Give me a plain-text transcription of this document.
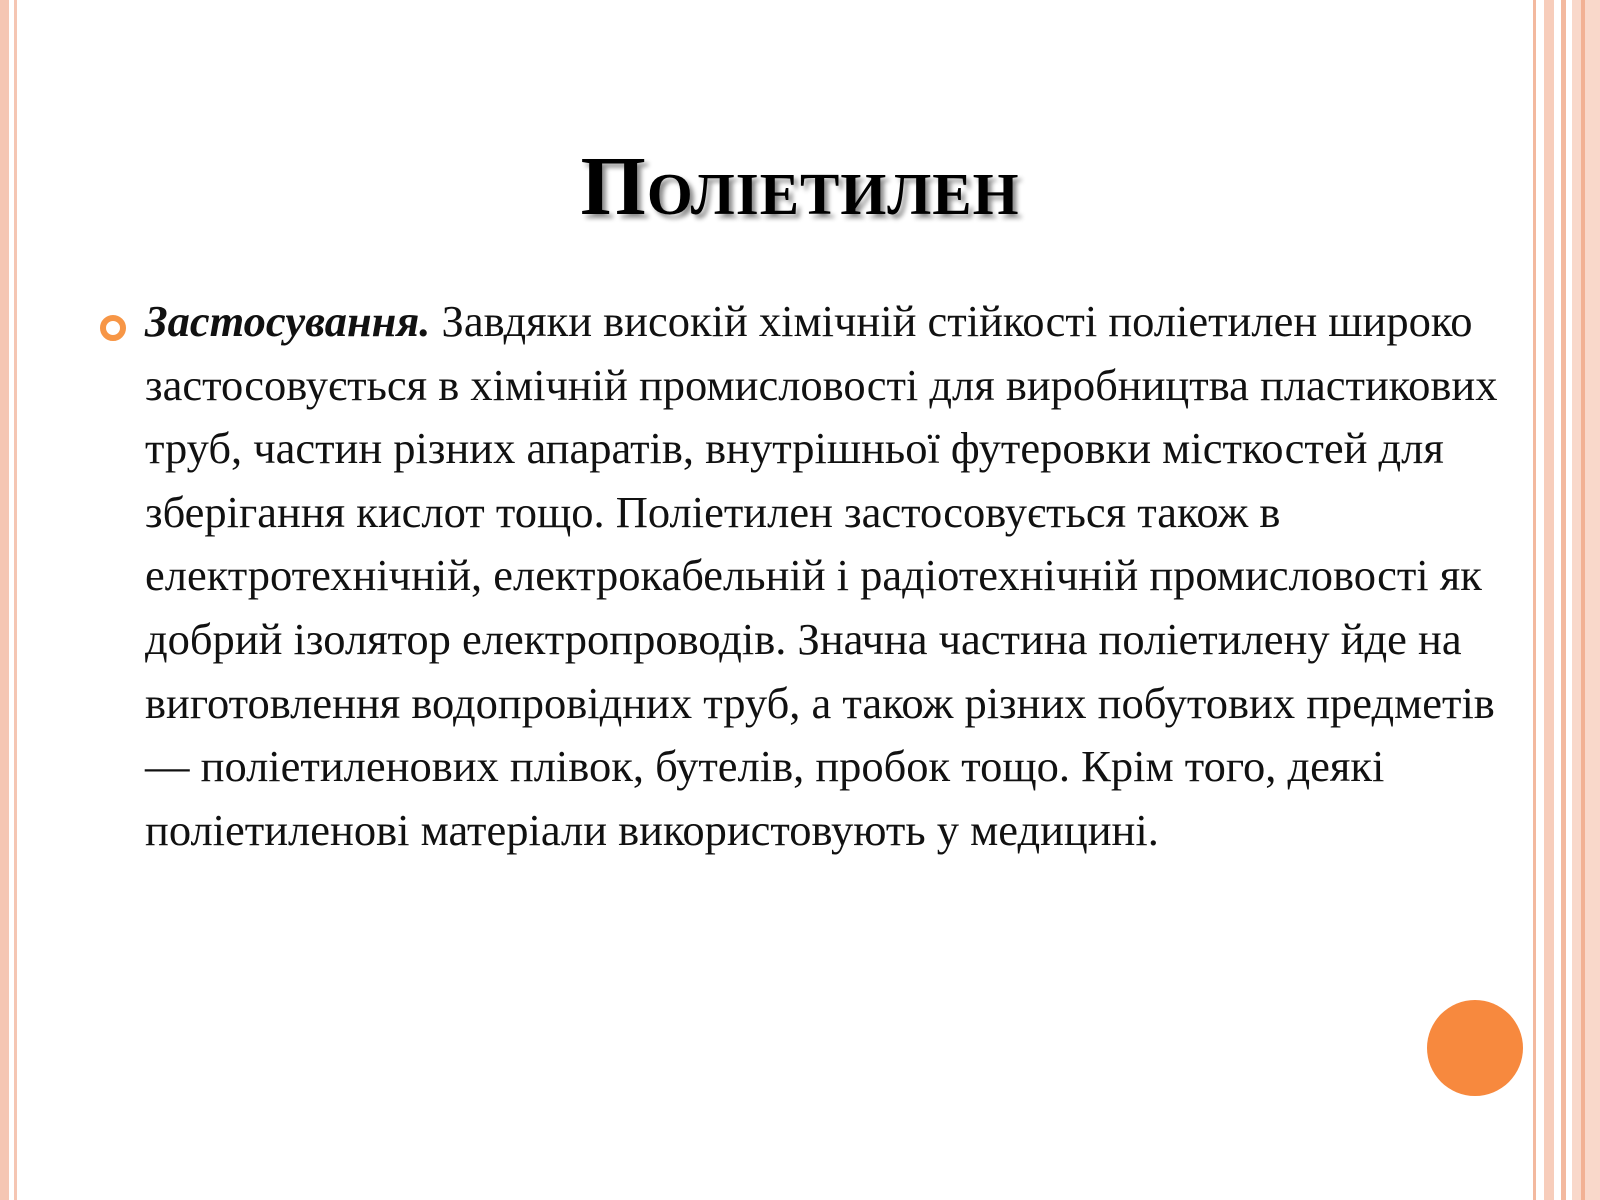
Поліетилен

Застосування. Завдяки високій хімічній стійкості поліетилен широко застосовується в хімічній промисловості для виробництва пластикових труб, частин різних апаратів, внутрішньої футеровки місткостей для зберігання кислот тощо. Поліетилен застосовується також в електротехнічній, електрокабельній і радіотехнічній промисловості як добрий ізолятор електропроводів. Значна частина поліетилену йде на виготовлення водопровідних труб, а також різних побутових предметів — поліетиленових плівок, бутелів, пробок тощо. Крім того, деякі поліетиленові матеріали використовують у медицині.
